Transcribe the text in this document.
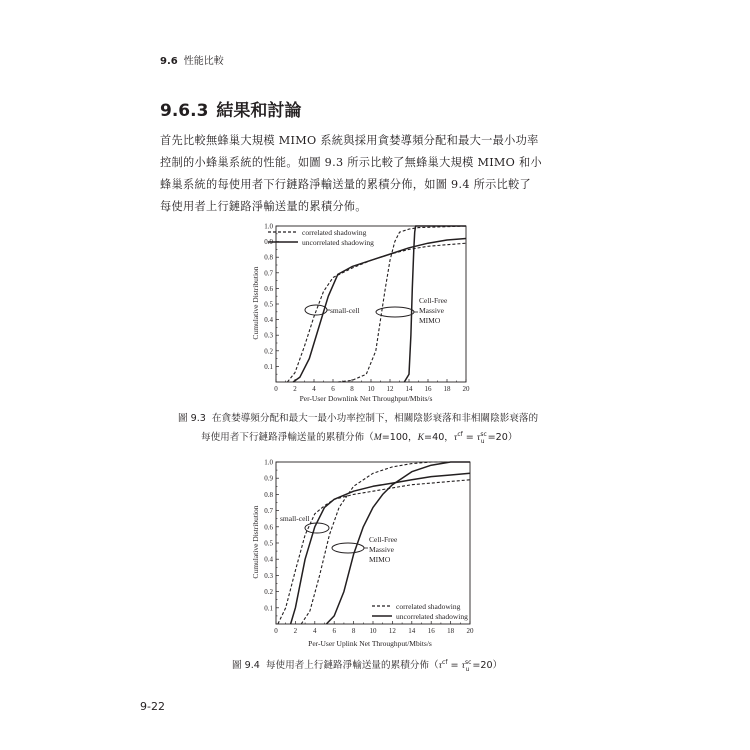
9.6 性能比較
9.6.3 結果和討論

首先比較無蜂巢大規模 MIMO 系統與採用貪婪導頻分配和最大一最小功率

控制的小蜂巢系統的性能。如圖 9.3 所示比較了無蜂巢大規模 MIMO 和小

蜂巢系統的每使用者下行鏈路淨輸送量的累積分佈，如圖 9.4 所示比較了

每使用者上行鏈路淨輸送量的累積分佈。

0 2 4 6 8 10 12 14 16 18 20
0.1
0.2
0.3
0.4
0.5
0.6
0.7
0.8
0.9
1.0
correlated shadowing
uncorrelated shadowing
small-cell
Cell-Free
Massive
MIMO
Per-User Downlink Net Throughput/Mbits/s
Cumulative Distribution
圖 9.3 在貪婪導頻分配和最大一最小功率控制下，相關陰影衰落和非相關陰影衰落的
每使用者下行鏈路淨輸送量的累積分佈（M=100，K=40，$\tau^{cf} = \tau^{sc}_u =20$）
0 2 4 6 8 10 12 14 16 18 20
0.1
0.2
0.3
0.4
0.5
0.6
0.7
0.8
0.9
1.0
correlated shadowing
uncorrelated shadowing
small-cell
Cell-Free
Massive
MIMO
Per-User Uplink Net Throughput/Mbits/s
Cumulative Distribution
圖 9.4 每使用者上行鏈路淨輸送量的累積分佈$(\tau^{cf} = \tau^{sc}_u =20)$
9-22
